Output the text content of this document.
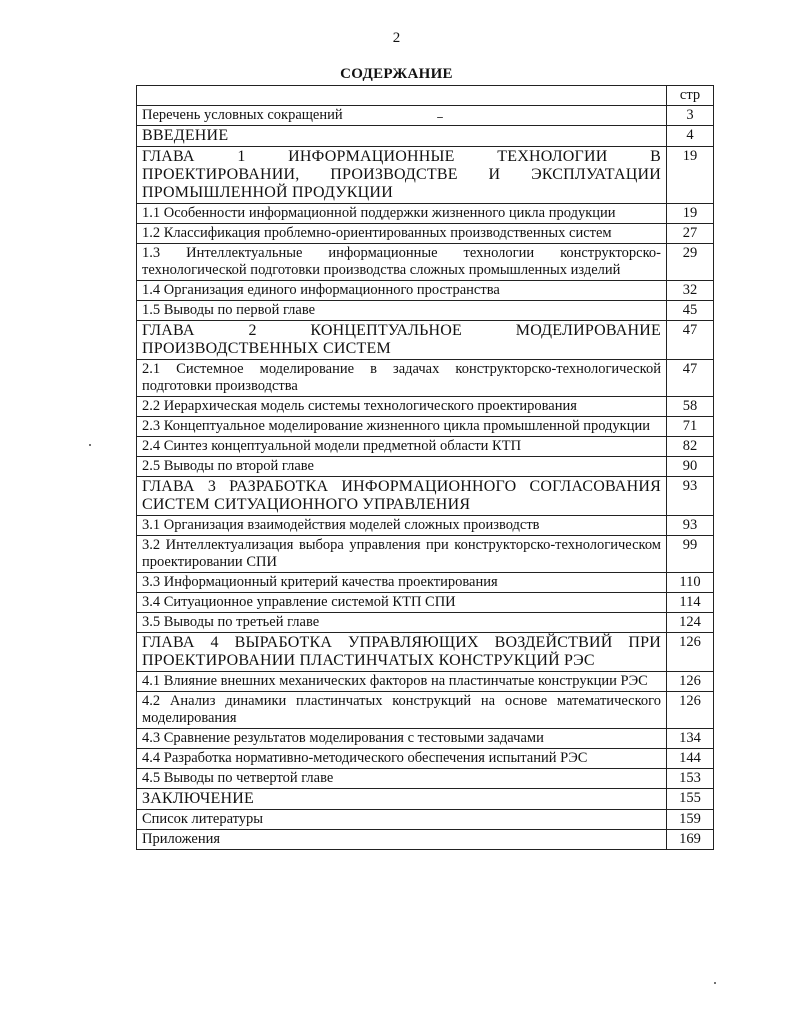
2
СОДЕРЖАНИЕ
	стр
Перечень условных сокращений	3
ВВЕДЕНИЕ	4
ГЛАВА 1 ИНФОРМАЦИОННЫЕ ТЕХНОЛОГИИ В ПРОЕКТИРОВАНИИ, ПРОИЗВОДСТВЕ И ЭКСПЛУАТАЦИИ ПРОМЫШЛЕННОЙ ПРОДУКЦИИ	19
1.1 Особенности информационной поддержки жизненного цикла продукции	19
1.2 Классификация проблемно-ориентированных производственных систем	27
1.3 Интеллектуальные информационные технологии конструкторско-технологической подготовки производства сложных промышленных изделий	29
1.4 Организация единого информационного пространства	32
1.5 Выводы по первой главе	45
ГЛАВА 2 КОНЦЕПТУАЛЬНОЕ МОДЕЛИРОВАНИЕ ПРОИЗВОДСТВЕННЫХ СИСТЕМ	47
2.1 Системное моделирование в задачах конструкторско-технологической подготовки производства	47
2.2 Иерархическая модель системы технологического проектирования	58
2.3 Концептуальное моделирование жизненного цикла промышленной продукции	71
2.4 Синтез концептуальной модели предметной области КТП	82
2.5 Выводы по второй главе	90
ГЛАВА 3 РАЗРАБОТКА ИНФОРМАЦИОННОГО СОГЛАСОВАНИЯ СИСТЕМ СИТУАЦИОННОГО УПРАВЛЕНИЯ	93
3.1 Организация взаимодействия моделей сложных производств	93
3.2 Интеллектуализация выбора управления при конструкторско-технологическом проектировании СПИ	99
3.3 Информационный критерий качества проектирования	110
3.4 Ситуационное управление системой КТП СПИ	114
3.5 Выводы по третьей главе	124
ГЛАВА 4 ВЫРАБОТКА УПРАВЛЯЮЩИХ ВОЗДЕЙСТВИЙ ПРИ ПРОЕКТИРОВАНИИ ПЛАСТИНЧАТЫХ КОНСТРУКЦИЙ РЭС	126
4.1 Влияние внешних механических факторов на пластинчатые конструкции РЭС	126
4.2 Анализ динамики пластинчатых конструкций на основе математического моделирования	126
4.3 Сравнение результатов моделирования с тестовыми задачами	134
4.4 Разработка нормативно-методического обеспечения испытаний РЭС	144
4.5 Выводы по четвертой главе	153
ЗАКЛЮЧЕНИЕ	155
Список литературы	159
Приложения	169
